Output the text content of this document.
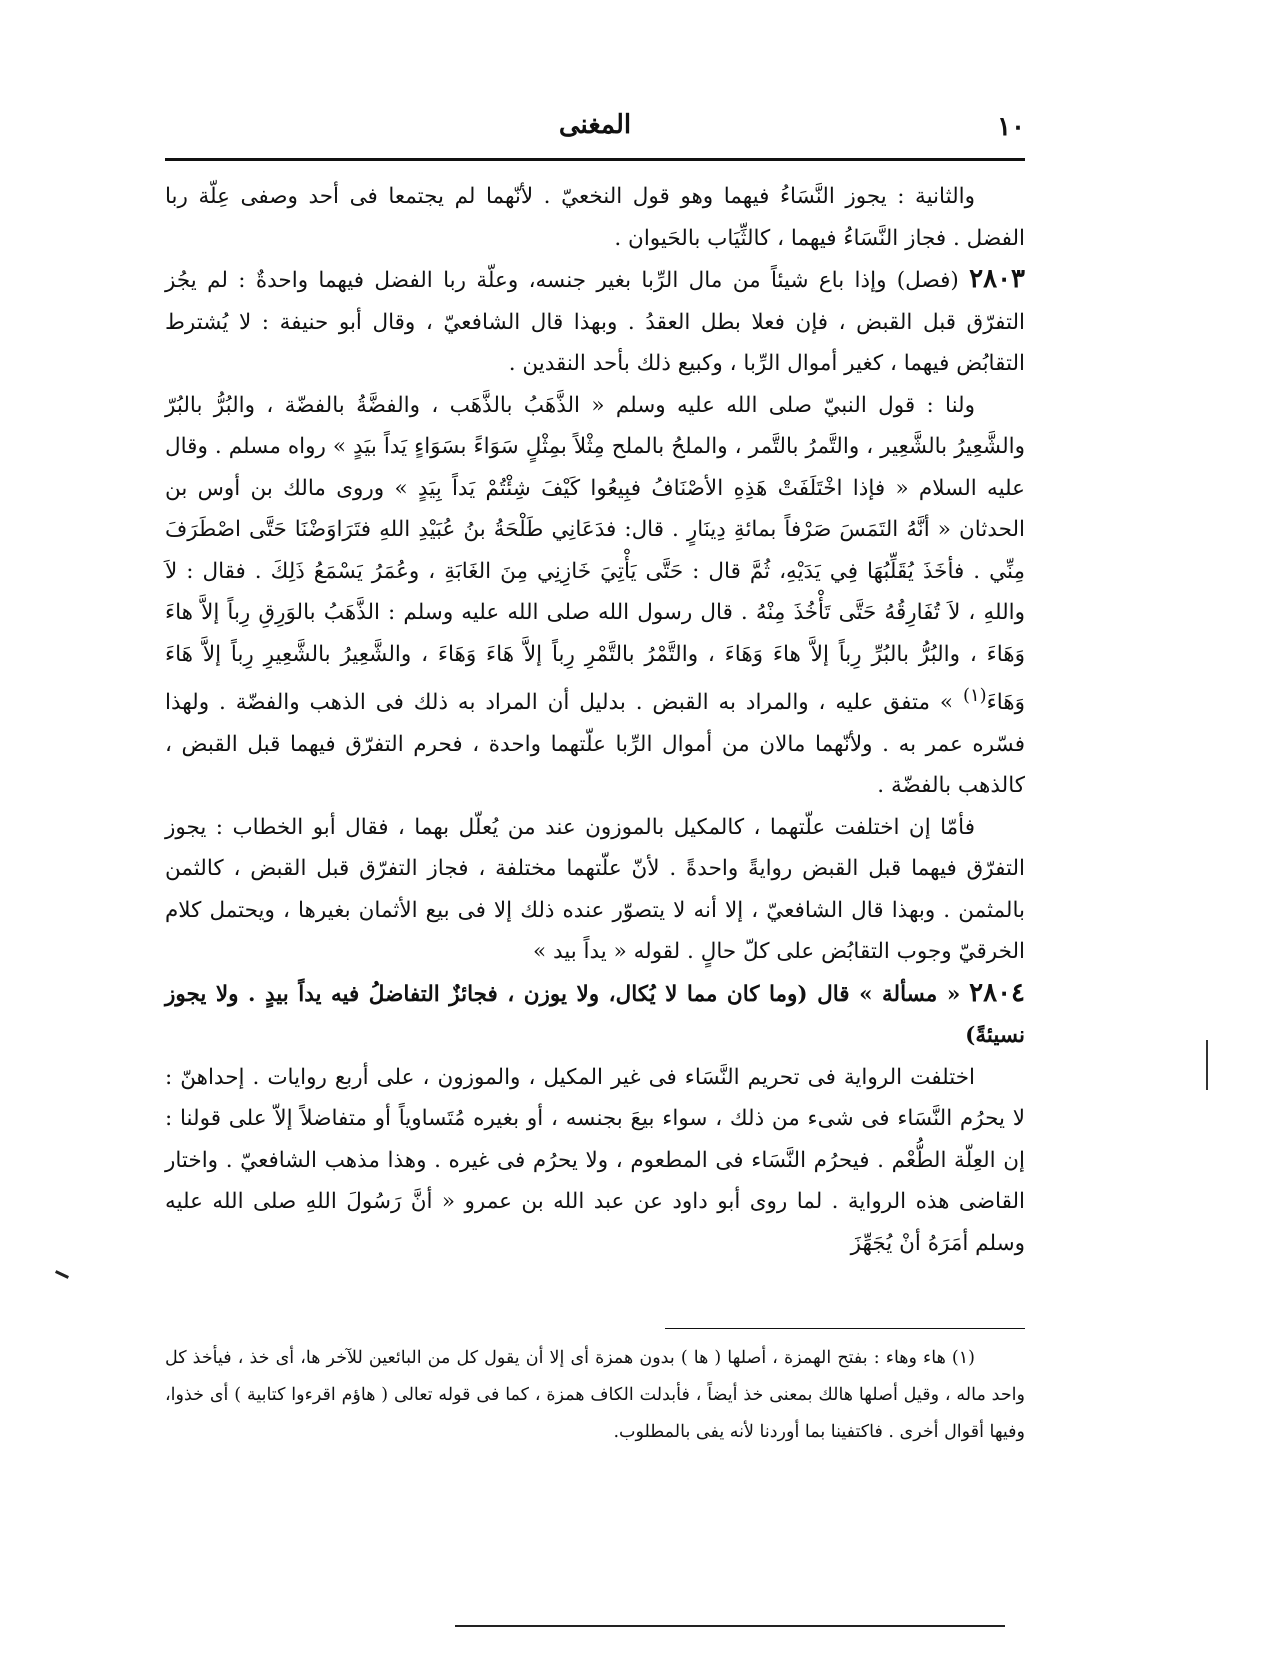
١٠
المغنى

والثانية : يجوز النَّسَاءُ فيهما وهو قول النخعيّ . لأنّهما لم يجتمعا فى أحد وصفى عِلّة ربا الفضل . فجاز النَّسَاءُ فيهما ، كالثِّيَاب بالحَيوان .

٢٨٠٣ (فصل) وإذا باع شيئاً من مال الرِّبا بغير جنسه، وعلّة ربا الفضل فيهما واحدةٌ : لم يجُز التفرّق قبل القبض ، فإن فعلا بطل العقدُ . وبهذا قال الشافعيّ ، وقال أبو حنيفة : لا يُشترط التقابُض فيهما ، كغير أموال الرِّبا ، وكبيع ذلك بأحد النقدين .

ولنا : قول النبيّ صلى الله عليه وسلم « الذَّهَبُ بالذَّهَب ، والفضَّةُ بالفضّة ، والبُرُّ بالبُرّ والشَّعِيرُ بالشَّعِير ، والتَّمرُ بالتَّمر ، والملحُ بالملح مِثْلاً بمِثْلٍ سَوَاءً بسَوَاءٍ يَداً بيَدٍ » رواه مسلم . وقال عليه السلام « فإذا اخْتَلَفَتْ هَذِهِ الأصْنَافُ فبِيعُوا كَيْفَ شِئْتُمْ يَداً بِيَدٍ » وروى مالك بن أوس بن الحدثان « أنَّهُ التَمَسَ صَرْفاً بمائةِ دِينَارٍ . قال: فدَعَانِي طَلْحَةُ بنُ عُبَيْدِ اللهِ فتَرَاوَضْنَا حَتَّى اصْطَرَفَ مِنِّي . فأخَذَ يُقَلِّبُهَا فِي يَدَيْهِ، ثُمَّ قال : حَتَّى يَأْتِيَ خَازِنِي مِنَ الغَابَةِ ، وعُمَرُ يَسْمَعُ ذَلِكَ . فقال : لاَ واللهِ ، لاَ تُفَارِقُهُ حَتَّى تَأْخُذَ مِنْهُ . قال رسول الله صلى الله عليه وسلم : الذَّهَبُ بالوَرِقِ رِباً إلاَّ هاءَ وَهَاءَ ، والبُرُّ بالبُرِّ رِباً إلاَّ هاءَ وَهَاءَ ، والتَّمْرُ بالتَّمْرِ رِباً إلاَّ هَاءَ وَهَاءَ ، والشَّعِيرُ بالشَّعِيرِ رِباً إلاَّ هَاءَ وَهَاءَ$^{(١)}$ » متفق عليه ، والمراد به القبض . بدليل أن المراد به ذلك فى الذهب والفضّة . ولهذا فسّره عمر به . ولأنّهما مالان من أموال الرِّبا علّتهما واحدة ، فحرم التفرّق فيهما قبل القبض ، كالذهب بالفضّة .

فأمّا إن اختلفت علّتهما ، كالمكيل بالموزون عند من يُعلّل بهما ، فقال أبو الخطاب : يجوز التفرّق فيهما قبل القبض روايةً واحدةً . لأنّ علّتهما مختلفة ، فجاز التفرّق قبل القبض ، كالثمن بالمثمن . وبهذا قال الشافعيّ ، إلا أنه لا يتصوّر عنده ذلك إلا فى بيع الأثمان بغيرها ، ويحتمل كلام الخرقيّ وجوب التقابُض على كلّ حالٍ . لقوله « يداً بيد »

٢٨٠٤ « مسألة » قال (وما كان مما لا يُكال، ولا يوزن ، فجائزٌ التفاضلُ فيه يداً بيدٍ . ولا يجوز نسيئةً)

اختلفت الرواية فى تحريم النَّسَاء فى غير المكيل ، والموزون ، على أربع روايات . إحداهنّ : لا يحرُم النَّسَاء فى شىء من ذلك ، سواء بيعَ بجنسه ، أو بغيره مُتَساوياً أو متفاضلاً إلاّ على قولنا : إن العِلّة الطُّعْم . فيحرُم النَّسَاء فى المطعوم ، ولا يحرُم فى غيره . وهذا مذهب الشافعيّ . واختار القاضى هذه الرواية . لما روى أبو داود عن عبد الله بن عمرو « أنَّ رَسُولَ اللهِ صلى الله عليه وسلم أمَرَهُ أنْ يُجَهِّزَ

(١) هاء وهاء : بفتح الهمزة ، أصلها ( ها ) بدون همزة أى إلا أن يقول كل من البائعين للآخر ها، أى خذ ، فيأخذ كل واحد ماله ، وقيل أصلها هالك بمعنى خذ أيضاً ، فأبدلت الكاف همزة ، كما فى قوله تعالى ( هاؤم اقرءوا كتابية ) أى خذوا، وفيها أقوال أخرى . فاكتفينا بما أوردنا لأنه يفى بالمطلوب.
